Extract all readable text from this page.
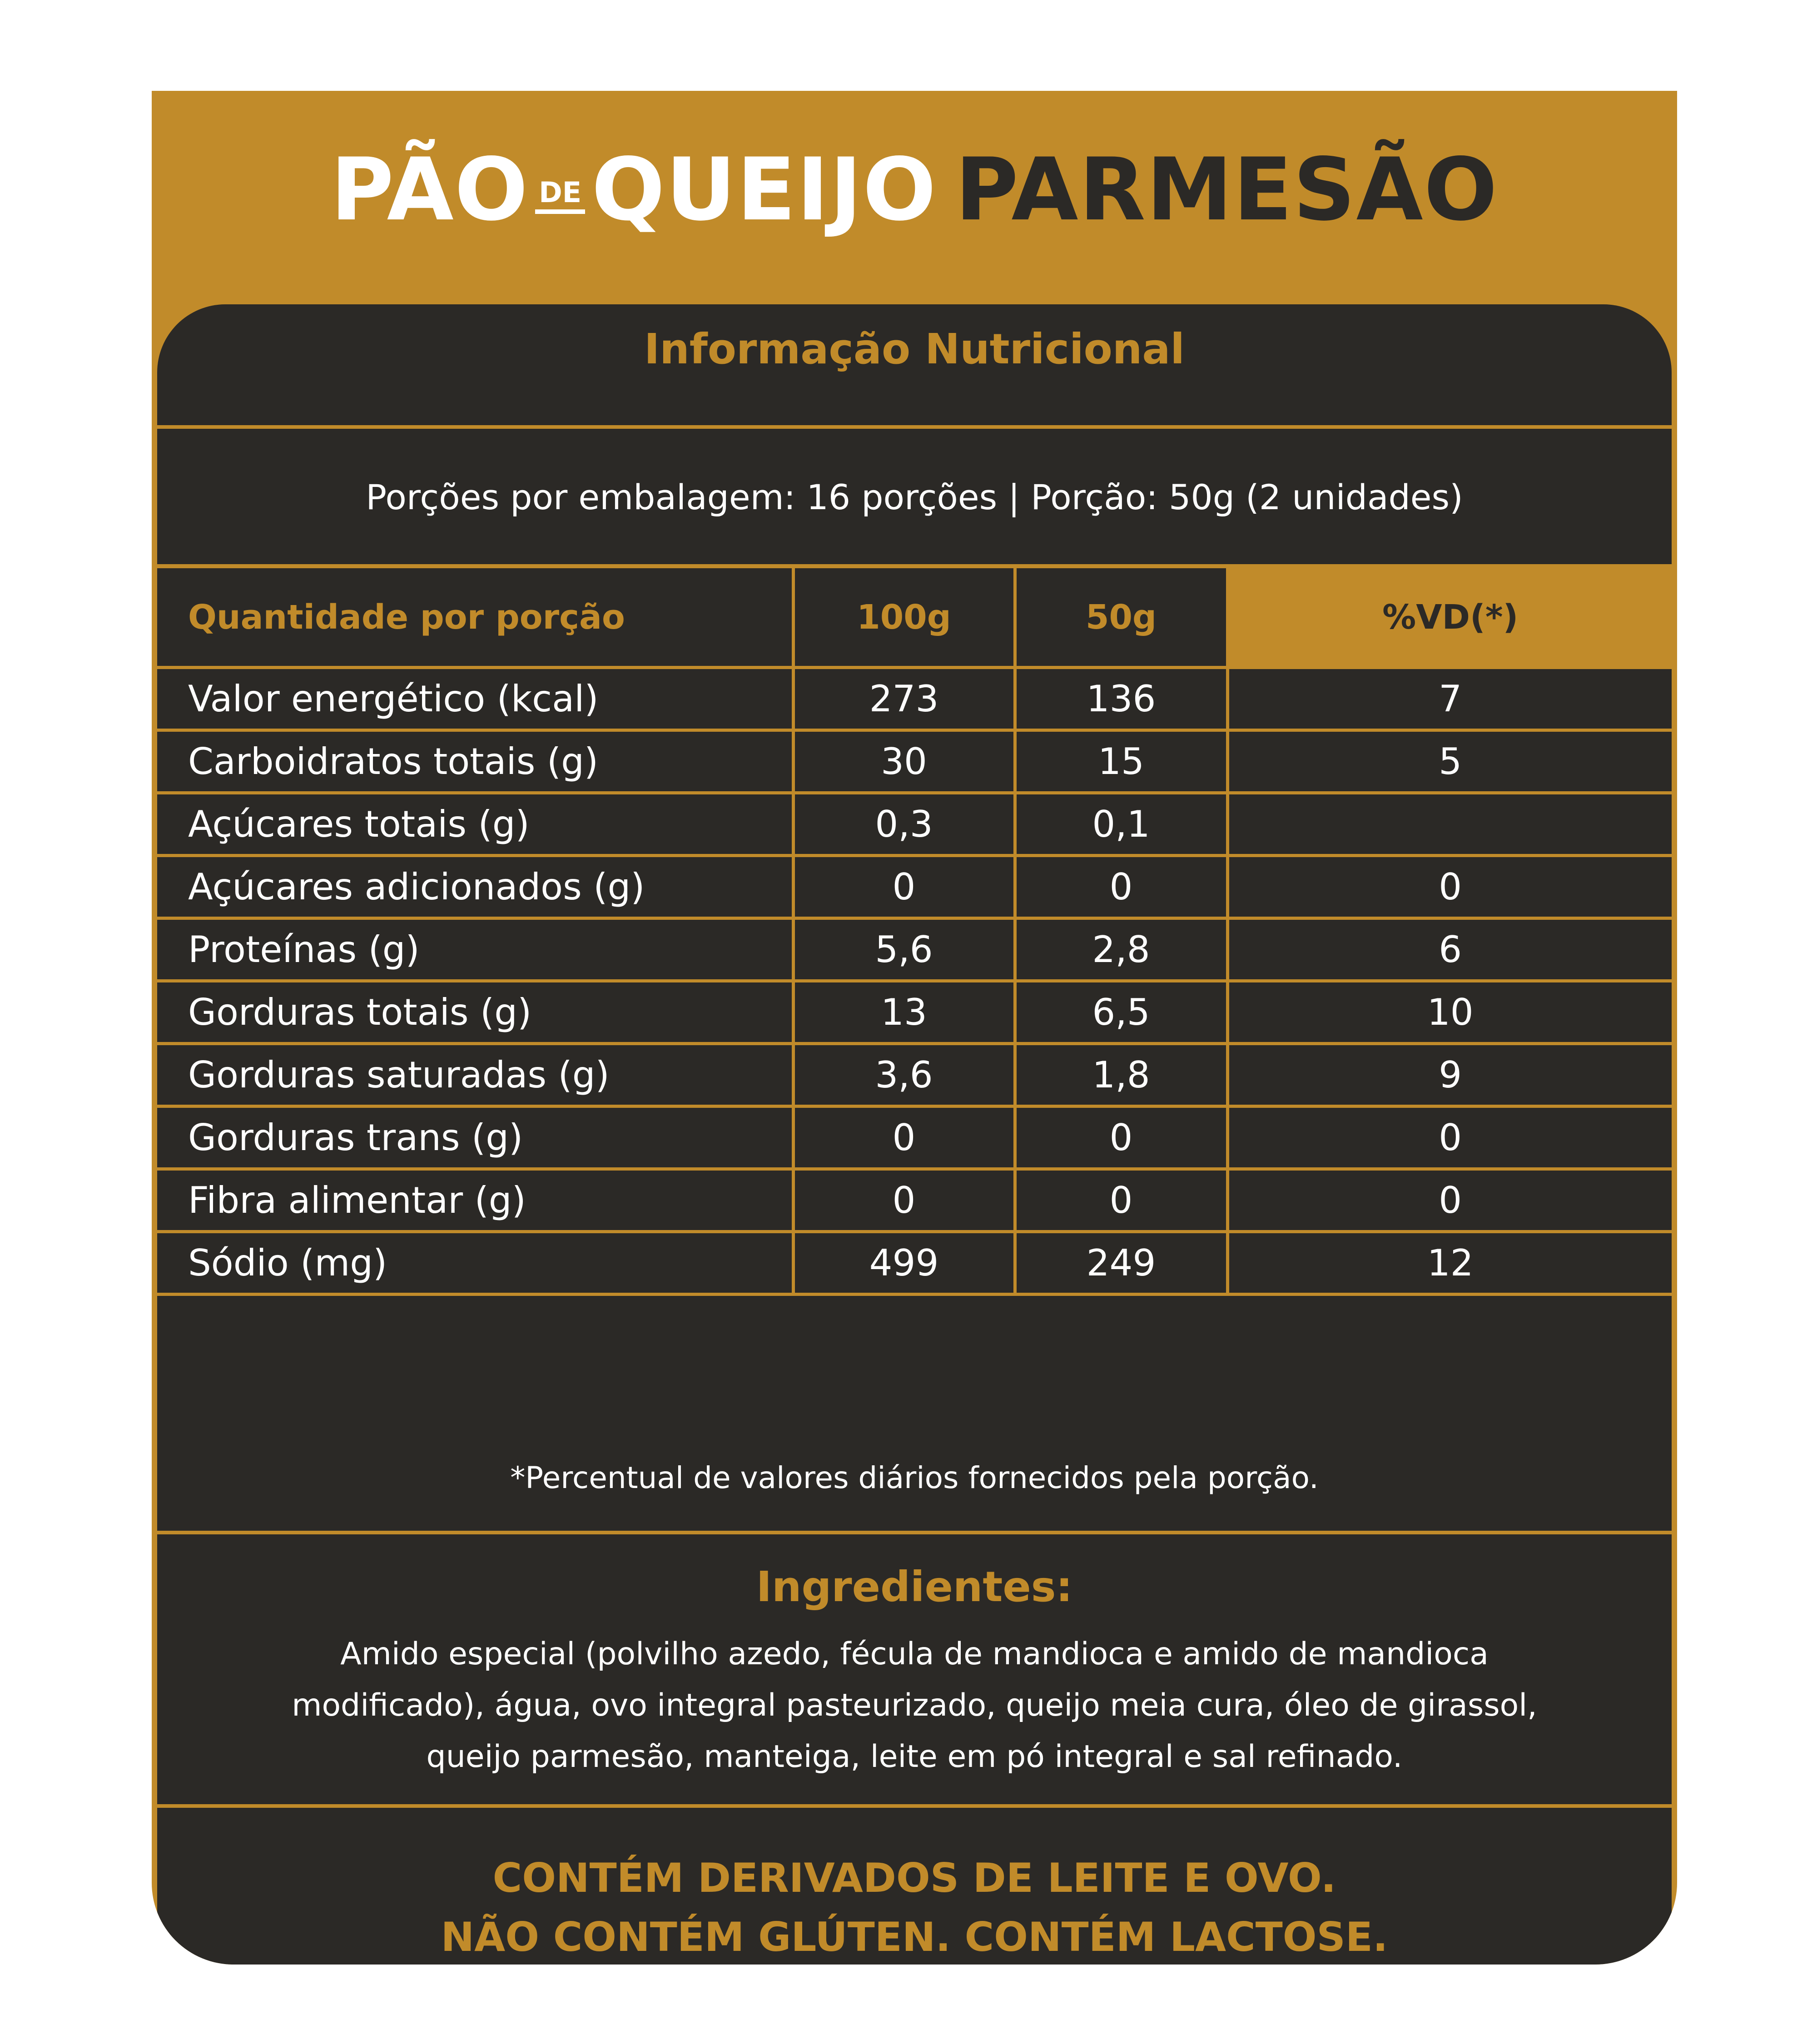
PÃO DE QUEIJO PARMESÃO
Informação Nutricional
Porções por embalagem: 16 porções | Porção: 50g (2 unidades)
Quantidade por porção	100g	50g	%VD(*)
Valor energético (kcal)	273	136	7
Carboidratos totais (g)	30	15	5
Açúcares totais (g)	0,3	0,1	
Açúcares adicionados (g)	0	0	0
Proteínas (g)	5,6	2,8	6
Gorduras totais (g)	13	6,5	10
Gorduras saturadas (g)	3,6	1,8	9
Gorduras trans (g)	0	0	0
Fibra alimentar (g)	0	0	0
Sódio (mg)	499	249	12
*Percentual de valores diários fornecidos pela porção.
Ingredientes:
Amido especial (polvilho azedo, fécula de mandioca e amido de mandioca modificado), água, ovo integral pasteurizado, queijo meia cura, óleo de girassol, queijo parmesão, manteiga, leite em pó integral e sal refinado.
CONTÉM DERIVADOS DE LEITE E OVO.
NÃO CONTÉM GLÚTEN. CONTÉM LACTOSE.
